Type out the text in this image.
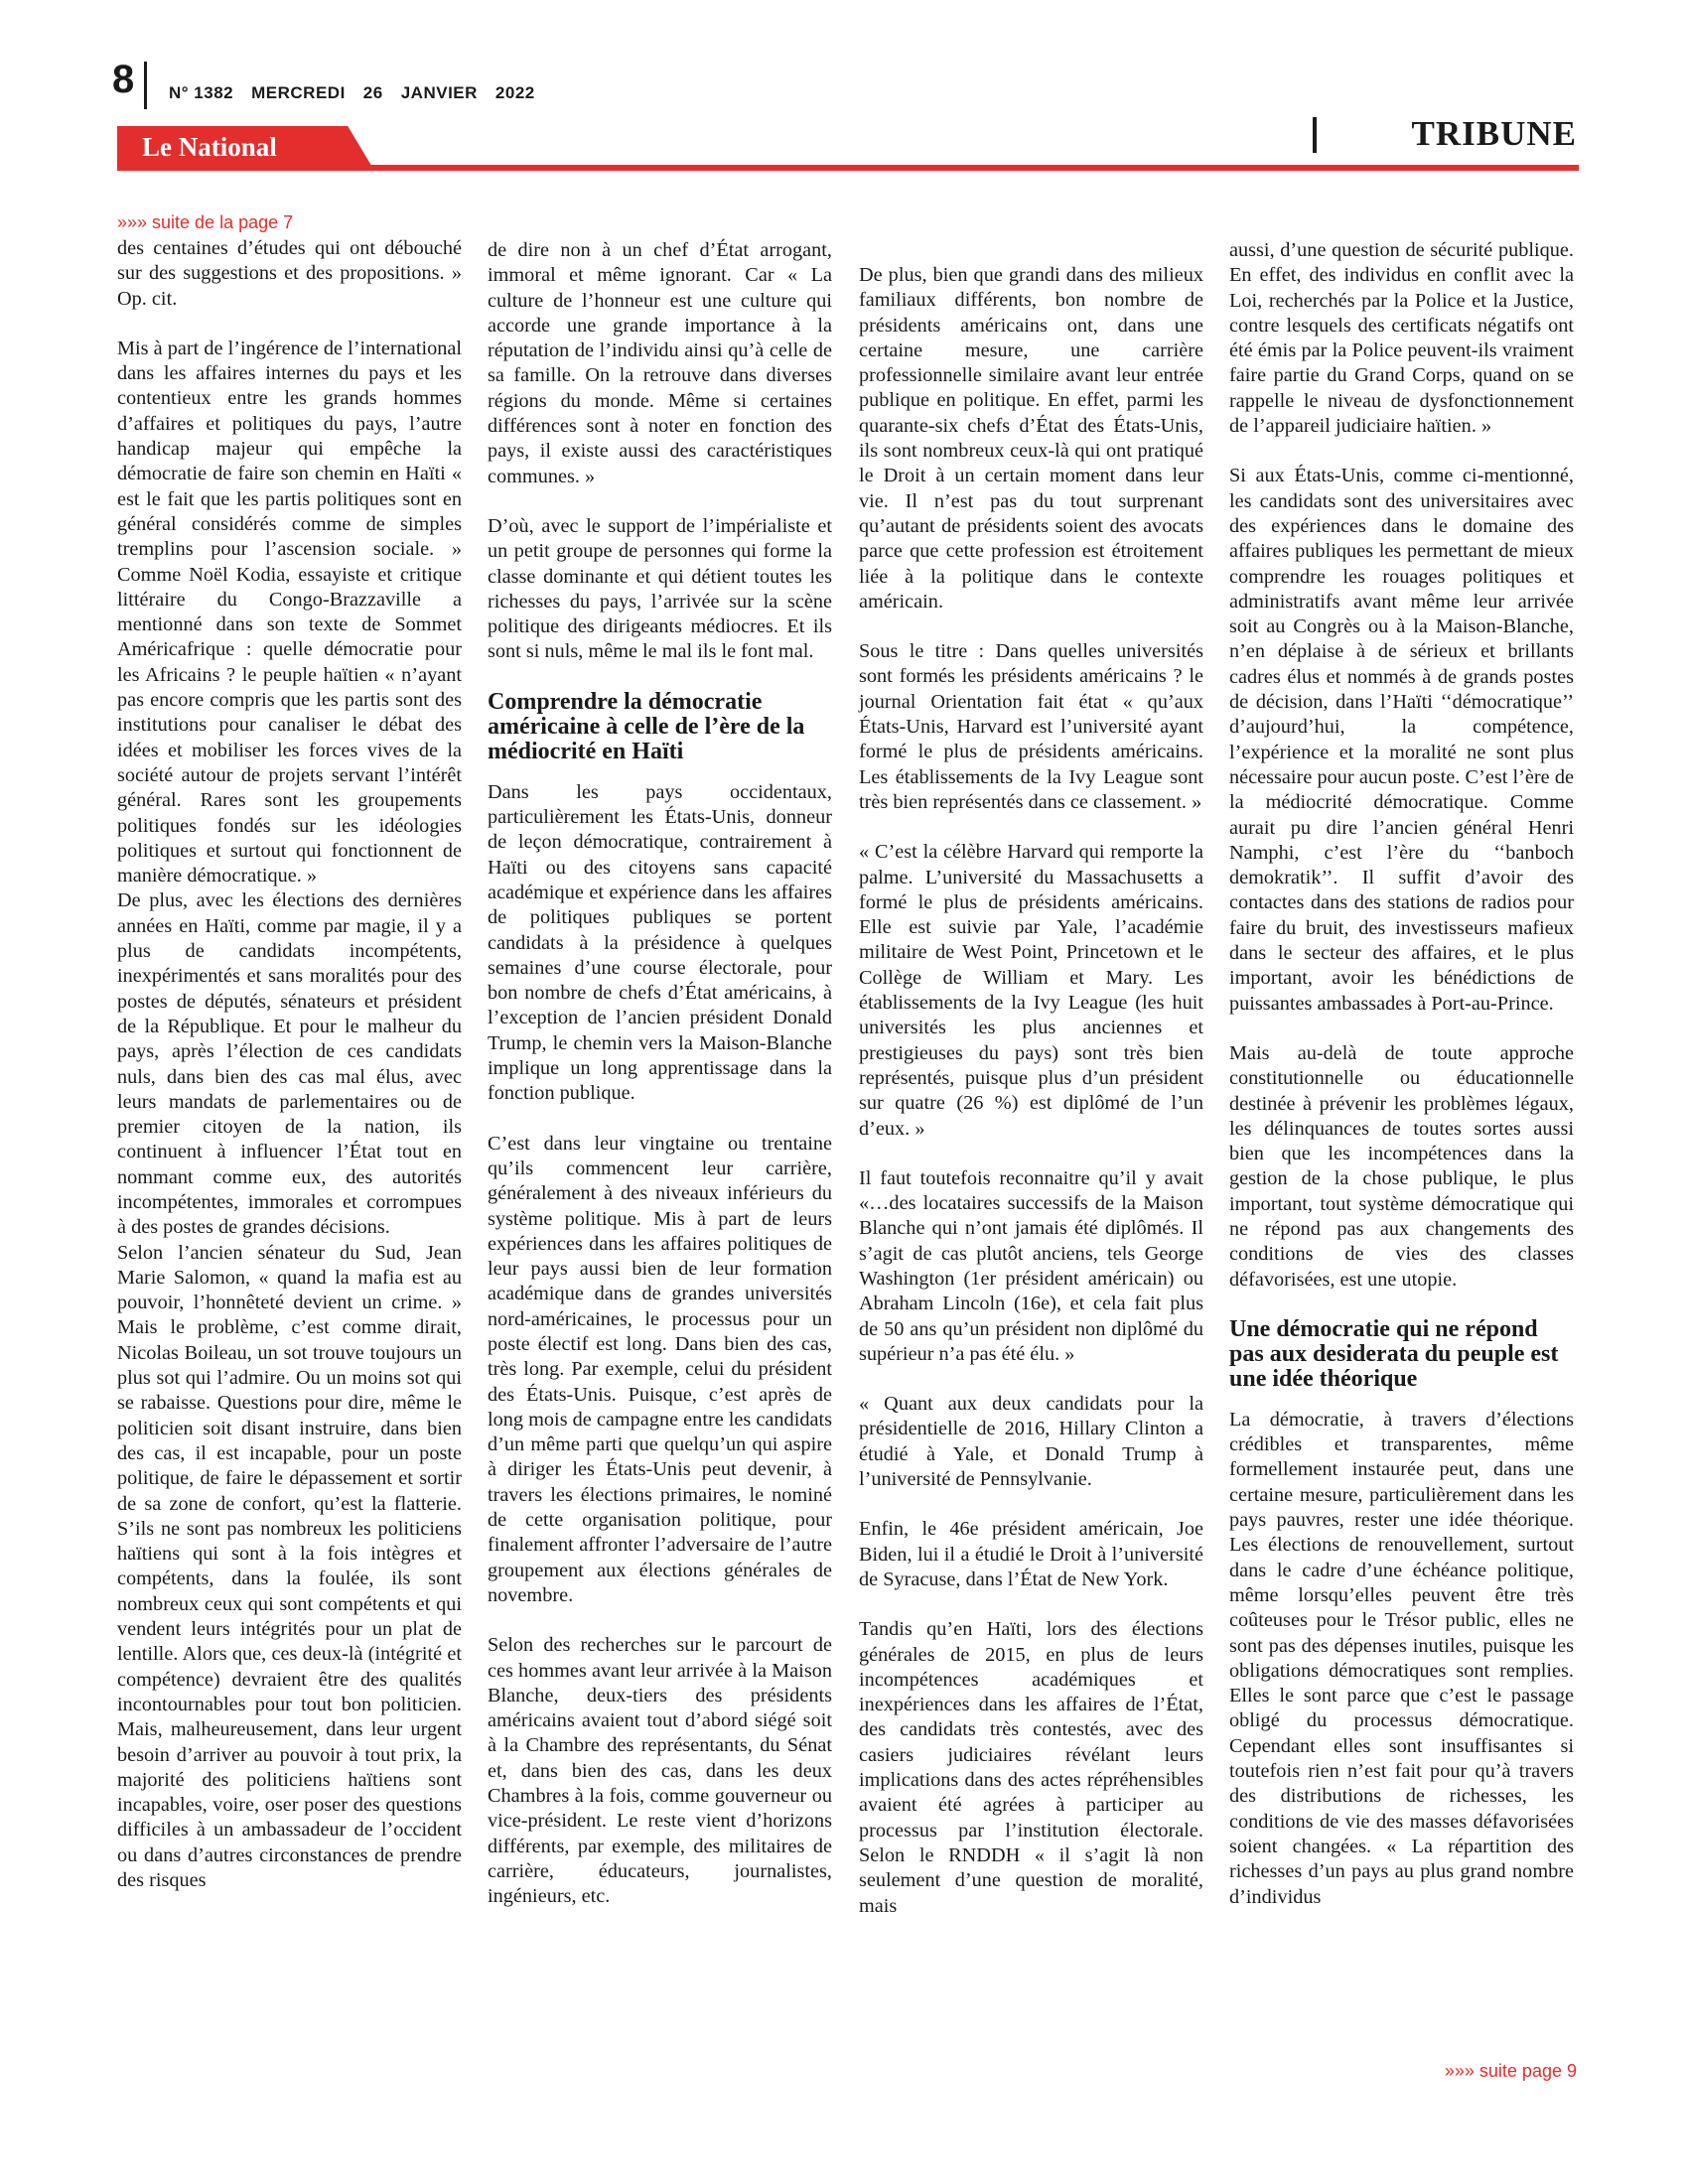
8 N° 1382 MERCREDI 26 JANVIER 2022
Le National	TRIBUNE
»»» suite de la page 7

des centaines d’études qui ont débouché sur des suggestions et des propositions. » Op. cit.

Mis à part de l’ingérence de l’international dans les affaires internes du pays et les contentieux entre les grands hommes d’affaires et politiques du pays, l’autre handicap majeur qui empêche la démocratie de faire son chemin en Haïti « est le fait que les partis politiques sont en général considérés comme de simples tremplins pour l’ascension sociale. » Comme Noël Kodia, essayiste et critique littéraire du Congo-Brazzaville a mentionné dans son texte de Sommet Américafrique : quelle démocratie pour les Africains ? le peuple haïtien « n’ayant pas encore compris que les partis sont des institutions pour canaliser le débat des idées et mobiliser les forces vives de la société autour de projets servant l’intérêt général. Rares sont les groupements politiques fondés sur les idéologies politiques et surtout qui fonctionnent de manière démocratique. »

De plus, avec les élections des dernières années en Haïti, comme par magie, il y a plus de candidats incompétents, inexpérimentés et sans moralités pour des postes de députés, sénateurs et président de la République. Et pour le malheur du pays, après l’élection de ces candidats nuls, dans bien des cas mal élus, avec leurs mandats de parlementaires ou de premier citoyen de la nation, ils continuent à influencer l’État tout en nommant comme eux, des autorités incompétentes, immorales et corrompues à des postes de grandes décisions.

Selon l’ancien sénateur du Sud, Jean Marie Salomon, « quand la mafia est au pouvoir, l’honnêteté devient un crime. » Mais le problème, c’est comme dirait, Nicolas Boileau, un sot trouve toujours un plus sot qui l’admire. Ou un moins sot qui se rabaisse. Questions pour dire, même le politicien soit disant instruire, dans bien des cas, il est incapable, pour un poste politique, de faire le dépassement et sortir de sa zone de confort, qu’est la flatterie. S’ils ne sont pas nombreux les politiciens haïtiens qui sont à la fois intègres et compétents, dans la foulée, ils sont nombreux ceux qui sont compétents et qui vendent leurs intégrités pour un plat de lentille. Alors que, ces deux-là (intégrité et compétence) devraient être des qualités incontournables pour tout bon politicien. Mais, malheureusement, dans leur urgent besoin d’arriver au pouvoir à tout prix, la majorité des politiciens haïtiens sont incapables, voire, oser poser des questions difficiles à un ambassadeur de l’occident ou dans d’autres circonstances de prendre des risques

de dire non à un chef d’État arrogant, immoral et même ignorant. Car « La culture de l’honneur est une culture qui accorde une grande importance à la réputation de l’individu ainsi qu’à celle de sa famille. On la retrouve dans diverses régions du monde. Même si certaines différences sont à noter en fonction des pays, il existe aussi des caractéristiques communes. »

D’où, avec le support de l’impérialiste et un petit groupe de personnes qui forme la classe dominante et qui détient toutes les richesses du pays, l’arrivée sur la scène politique des dirigeants médiocres. Et ils sont si nuls, même le mal ils le font mal.

Comprendre la démocratie américaine à celle de l’ère de la médiocrité en Haïti

Dans les pays occidentaux, particulièrement les États-Unis, donneur de leçon démocratique, contrairement à Haïti ou des citoyens sans capacité académique et expérience dans les affaires de politiques publiques se portent candidats à la présidence à quelques semaines d’une course électorale, pour bon nombre de chefs d’État américains, à l’exception de l’ancien président Donald Trump, le chemin vers la Maison-Blanche implique un long apprentissage dans la fonction publique.

C’est dans leur vingtaine ou trentaine qu’ils commencent leur carrière, généralement à des niveaux inférieurs du système politique. Mis à part de leurs expériences dans les affaires politiques de leur pays aussi bien de leur formation académique dans de grandes universités nord-américaines, le processus pour un poste électif est long. Dans bien des cas, très long. Par exemple, celui du président des États-Unis. Puisque, c’est après de long mois de campagne entre les candidats d’un même parti que quelqu’un qui aspire à diriger les États-Unis peut devenir, à travers les élections primaires, le nominé de cette organisation politique, pour finalement affronter l’adversaire de l’autre groupement aux élections générales de novembre.

Selon des recherches sur le parcourt de ces hommes avant leur arrivée à la Maison Blanche, deux-tiers des présidents américains avaient tout d’abord siégé soit à la Chambre des représentants, du Sénat et, dans bien des cas, dans les deux Chambres à la fois, comme gouverneur ou vice-président. Le reste vient d’horizons différents, par exemple, des militaires de carrière, éducateurs, journalistes, ingénieurs, etc.

De plus, bien que grandi dans des milieux familiaux différents, bon nombre de présidents américains ont, dans une certaine mesure, une carrière professionnelle similaire avant leur entrée publique en politique. En effet, parmi les quarante-six chefs d’État des États-Unis, ils sont nombreux ceux-là qui ont pratiqué le Droit à un certain moment dans leur vie. Il n’est pas du tout surprenant qu’autant de présidents soient des avocats parce que cette profession est étroitement liée à la politique dans le contexte américain.

Sous le titre : Dans quelles universités sont formés les présidents américains ? le journal Orientation fait état « qu’aux États-Unis, Harvard est l’université ayant formé le plus de présidents américains. Les établissements de la Ivy League sont très bien représentés dans ce classement. »

« C’est la célèbre Harvard qui remporte la palme. L’université du Massachusetts a formé le plus de présidents américains. Elle est suivie par Yale, l’académie militaire de West Point, Princetown et le Collège de William et Mary. Les établissements de la Ivy League (les huit universités les plus anciennes et prestigieuses du pays) sont très bien représentés, puisque plus d’un président sur quatre (26 %) est diplômé de l’un d’eux. »

Il faut toutefois reconnaitre qu’il y avait «…des locataires successifs de la Maison Blanche qui n’ont jamais été diplômés. Il s’agit de cas plutôt anciens, tels George Washington (1er président américain) ou Abraham Lincoln (16e), et cela fait plus de 50 ans qu’un président non diplômé du supérieur n’a pas été élu. »

« Quant aux deux candidats pour la présidentielle de 2016, Hillary Clinton a étudié à Yale, et Donald Trump à l’université de Pennsylvanie.

Enfin, le 46e président américain, Joe Biden, lui il a étudié le Droit à l’université de Syracuse, dans l’État de New York.

Tandis qu’en Haïti, lors des élections générales de 2015, en plus de leurs incompétences académiques et inexpériences dans les affaires de l’État, des candidats très contestés, avec des casiers judiciaires révélant leurs implications dans des actes répréhensibles avaient été agrées à participer au processus par l’institution électorale. Selon le RNDDH « il s’agit là non seulement d’une question de moralité, mais

aussi, d’une question de sécurité publique. En effet, des individus en conflit avec la Loi, recherchés par la Police et la Justice, contre lesquels des certificats négatifs ont été émis par la Police peuvent-ils vraiment faire partie du Grand Corps, quand on se rappelle le niveau de dysfonctionnement de l’appareil judiciaire haïtien. »

Si aux États-Unis, comme ci-mentionné, les candidats sont des universitaires avec des expériences dans le domaine des affaires publiques les permettant de mieux comprendre les rouages politiques et administratifs avant même leur arrivée soit au Congrès ou à la Maison-Blanche, n’en déplaise à de sérieux et brillants cadres élus et nommés à de grands postes de décision, dans l’Haïti ‘‘démocratique’’ d’aujourd’hui, la compétence, l’expérience et la moralité ne sont plus nécessaire pour aucun poste. C’est l’ère de la médiocrité démocratique. Comme aurait pu dire l’ancien général Henri Namphi, c’est l’ère du ‘‘banboch demokratik’’. Il suffit d’avoir des contactes dans des stations de radios pour faire du bruit, des investisseurs mafieux dans le secteur des affaires, et le plus important, avoir les bénédictions de puissantes ambassades à Port-au-Prince.

Mais au-delà de toute approche constitutionnelle ou éducationnelle destinée à prévenir les problèmes légaux, les délinquances de toutes sortes aussi bien que les incompétences dans la gestion de la chose publique, le plus important, tout système démocratique qui ne répond pas aux changements des conditions de vies des classes défavorisées, est une utopie.

Une démocratie qui ne répond pas aux desiderata du peuple est une idée théorique

La démocratie, à travers d’élections crédibles et transparentes, même formellement instaurée peut, dans une certaine mesure, particulièrement dans les pays pauvres, rester une idée théorique. Les élections de renouvellement, surtout dans le cadre d’une échéance politique, même lorsqu’elles peuvent être très coûteuses pour le Trésor public, elles ne sont pas des dépenses inutiles, puisque les obligations démocratiques sont remplies. Elles le sont parce que c’est le passage obligé du processus démocratique. Cependant elles sont insuffisantes si toutefois rien n’est fait pour qu’à travers des distributions de richesses, les conditions de vie des masses défavorisées soient changées. « La répartition des richesses d’un pays au plus grand nombre d’individus

»»» suite page 9
